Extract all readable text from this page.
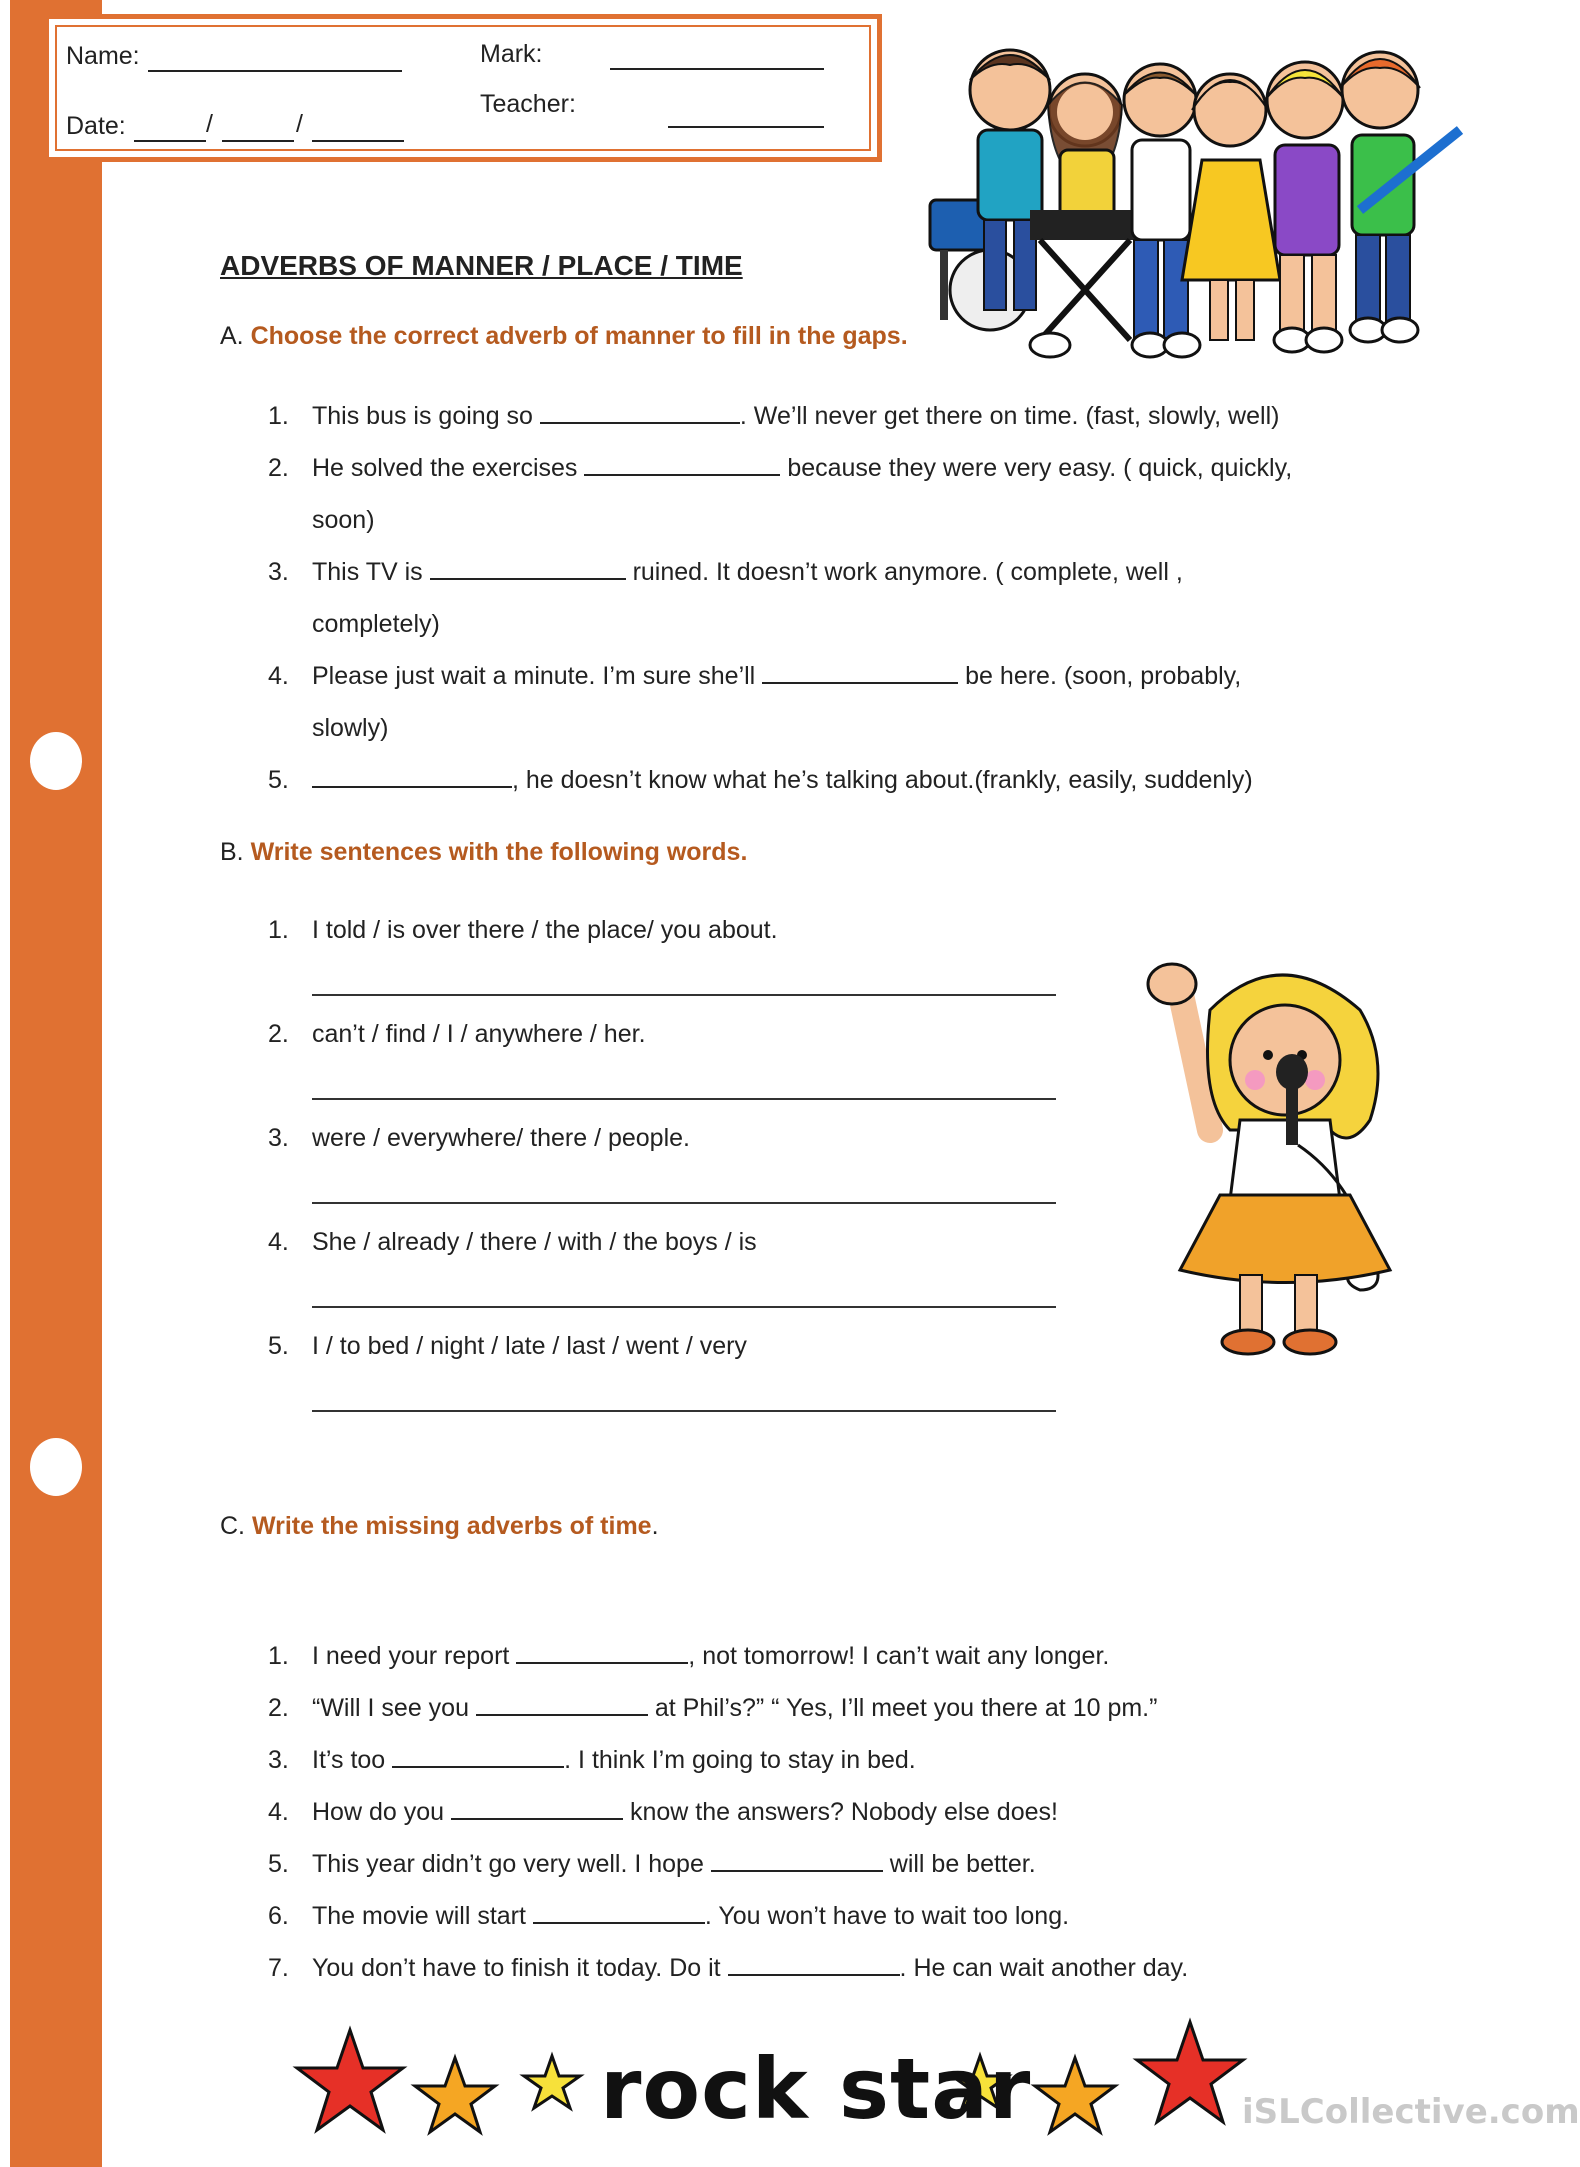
Name:	Mark:
Teacher:
Date:	/	/
ADVERBS OF MANNER / PLACE / TIME
A. Choose the correct adverb of manner to fill in the gaps.
1. This bus is going so	. We’ll never get there on time. (fast, slowly, well)
2. He solved the exercises	because they were very easy. ( quick, quickly,
soon)
3. This TV is	ruined. It doesn’t work anymore. ( complete, well ,
completely)
4. Please just wait a minute. I’m sure she’ll	be here. (soon, probably,
slowly)
5.	, he doesn’t know what he’s talking about.(frankly, easily, suddenly)
B. Write sentences with the following words.
1. I told / is over there / the place/ you about.
2. can’t / find / I / anywhere / her.
3. were / everywhere/ there / people.
4. She / already / there / with / the boys / is
5. I / to bed / night / late / last / went / very
C. Write the missing adverbs of time.
1. I need your report	, not tomorrow! I can’t wait any longer.
2. “Will I see you	at Phil’s?” “ Yes, I’ll meet you there at 10 pm.”
3. It’s too	. I think I’m going to stay in bed.
4. How do you	know the answers? Nobody else does!
5. This year didn’t go very well. I hope	will be better.
6. The movie will start	. You won’t have to wait too long.
7. You don’t have to finish it today. Do it	. He can wait another day.
rock star	iSLCollective.com
